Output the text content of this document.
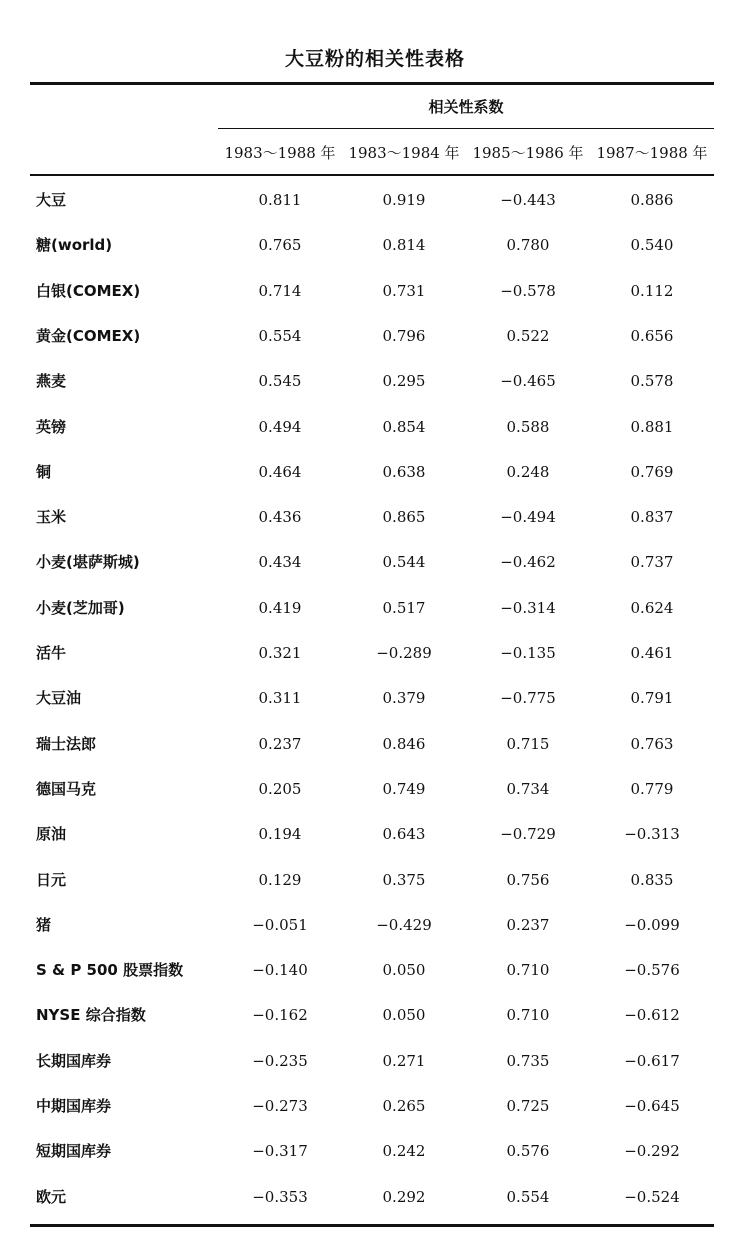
大豆粉的相关性表格
相关性系数
1983～1988 年 1983～1984 年 1985～1986 年 1987～1988 年
大豆	0.811	0.919	−0.443	0.886
糖(world)	0.765	0.814	0.780	0.540
白银(COMEX)	0.714	0.731	−0.578	0.112
黄金(COMEX)	0.554	0.796	0.522	0.656
燕麦	0.545	0.295	−0.465	0.578
英镑	0.494	0.854	0.588	0.881
铜	0.464	0.638	0.248	0.769
玉米	0.436	0.865	−0.494	0.837
小麦(堪萨斯城)	0.434	0.544	−0.462	0.737
小麦(芝加哥)	0.419	0.517	−0.314	0.624
活牛	0.321	−0.289	−0.135	0.461
大豆油	0.311	0.379	−0.775	0.791
瑞士法郎	0.237	0.846	0.715	0.763
德国马克	0.205	0.749	0.734	0.779
原油	0.194	0.643	−0.729	−0.313
日元	0.129	0.375	0.756	0.835
猪	−0.051	−0.429	0.237	−0.099
S & P 500 股票指数	−0.140	0.050	0.710	−0.576
NYSE 综合指数	−0.162	0.050	0.710	−0.612
长期国库券	−0.235	0.271	0.735	−0.617
中期国库券	−0.273	0.265	0.725	−0.645
短期国库券	−0.317	0.242	0.576	−0.292
欧元	−0.353	0.292	0.554	−0.524
